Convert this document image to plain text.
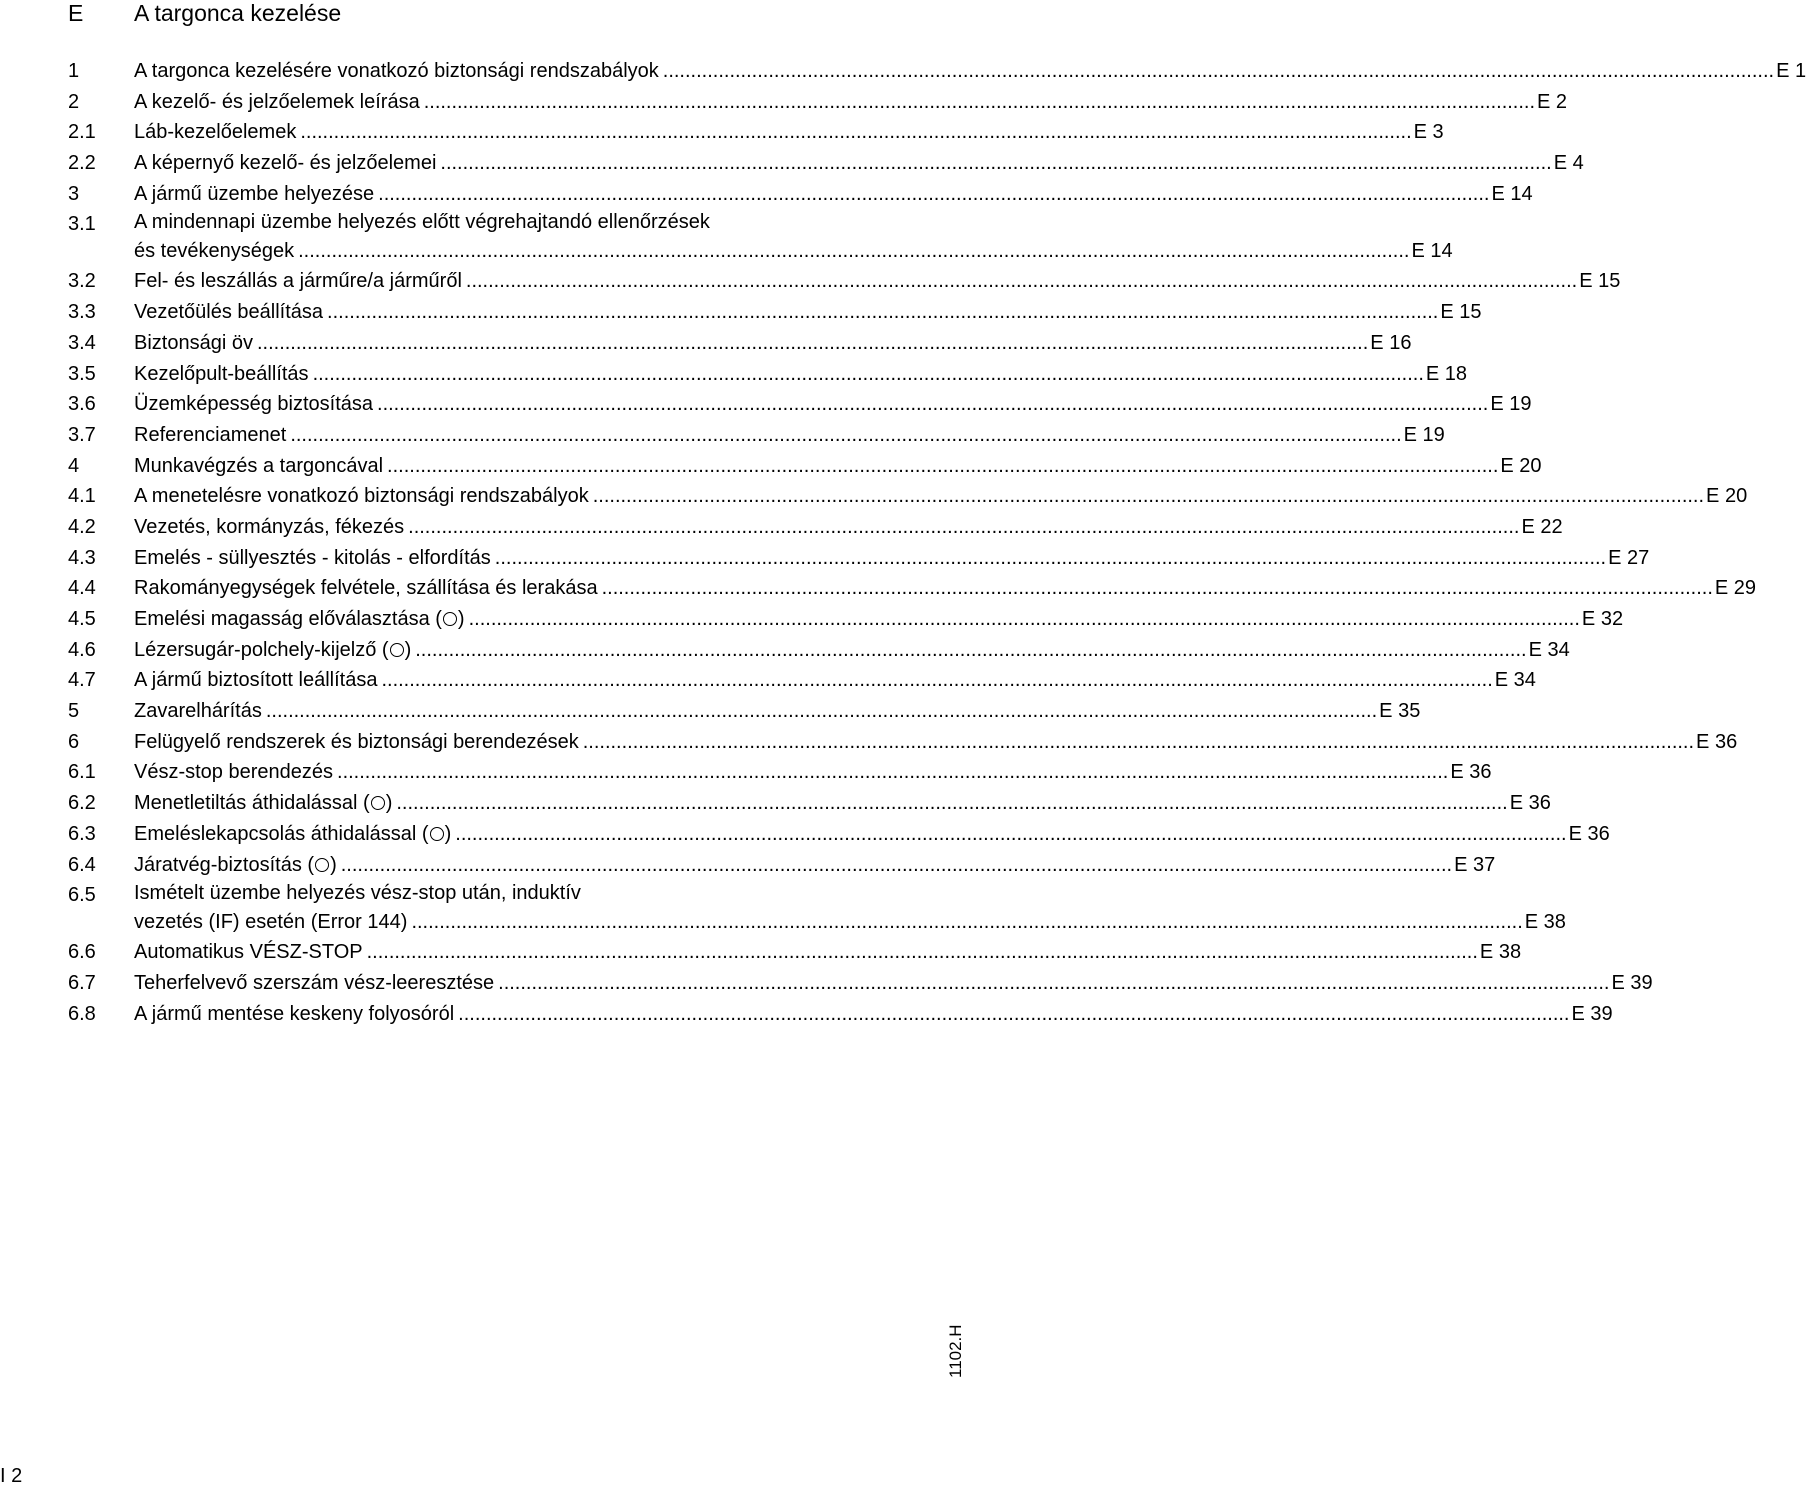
E A targonca kezelése
1	A targonca kezelésére vonatkozó biztonsági rendszabályok .....	E 1
2	A kezelő- és jelzőelemek leírása .....	E 2
2.1 Láb-kezelőelemek .....	E 3
2.2 A képernyő kezelő- és jelzőelemei .....	E 4
3	A jármű üzembe helyezése .....	E 14
3.1 A mindennapi üzembe helyezés előtt végrehajtandó ellenőrzések
és tevékenységek .....	E 14
3.2 Fel- és leszállás a járműre/a járműről .....	E 15
3.3 Vezetőülés beállítása .....	E 15
3.4 Biztonsági öv .....	E 16
3.5 Kezelőpult-beállítás .....	E 18
3.6 Üzemképesség biztosítása .....	E 19
3.7 Referenciamenet .....	E 19
4	Munkavégzés a targoncával .....	E 20
4.1 A menetelésre vonatkozó biztonsági rendszabályok .....	E 20
4.2 Vezetés, kormányzás, fékezés .....	E 22
4.3 Emelés - süllyesztés - kitolás - elfordítás .....	E 27
4.4 Rakományegységek felvétele, szállítása és lerakása .....	E 29
4.5 Emelési magasság előválasztása ( ) .....	E 32
4.6 Lézersugár-polchely-kijelző ( ) .....	E 34
4.7 A jármű biztosított leállítása .....	E 34
5	Zavarelhárítás .....	E 35
6	Felügyelő rendszerek és biztonsági berendezések .....	E 36
6.1 Vész-stop berendezés .....	E 36
6.2 Menetletiltás áthidalással ( ) .....	E 36
6.3 Emeléslekapcsolás áthidalással ( ) .....	E 36
6.4 Járatvég-biztosítás ( ) .....	E 37
6.5 Ismételt üzembe helyezés vész-stop után, induktív
vezetés (IF) esetén (Error 144) .....	E 38
6.6 Automatikus VÉSZ-STOP .....	E 38
6.7 Teherfelvevő szerszám vész-leeresztése .....	E 39
6.8 A jármű mentése keskeny folyosóról .....	E 39
1102.H
I 2
